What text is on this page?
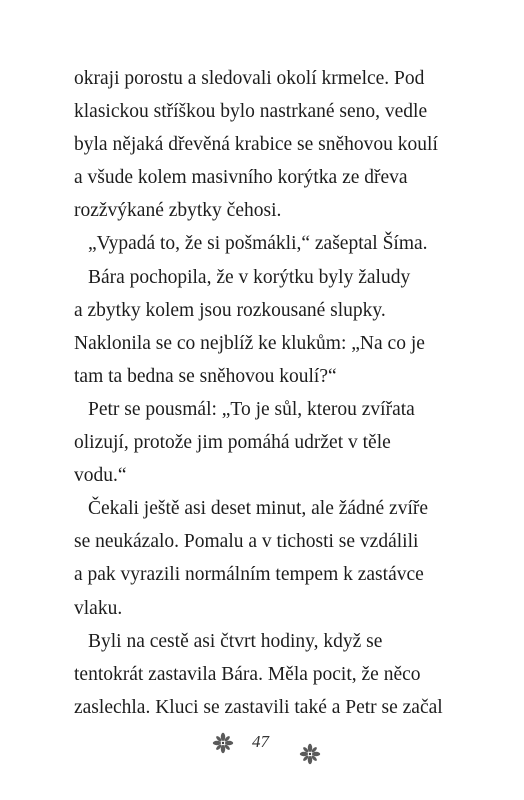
okraji porostu a sledovali okolí krmelce. Pod
klasickou stříškou bylo nastrkané seno, vedle
byla nějaká dřevěná krabice se sněhovou koulí
a všude kolem masivního korýtka ze dřeva
rozžvýkané zbytky čehosi.
„Vypadá to, že si pošmákli,“ zašeptal Šíma.
Bára pochopila, že v korýtku byly žaludy
a zbytky kolem jsou rozkousané slupky.
Naklonila se co nejblíž ke klukům: „Na co je
tam ta bedna se sněhovou koulí?“
Petr se pousmál: „To je sůl, kterou zvířata
olizují, protože jim pomáhá udržet v těle
vodu.“
Čekali ještě asi deset minut, ale žádné zvíře
se neukázalo. Pomalu a v tichosti se vzdálili
a pak vyrazili normálním tempem k zastávce
vlaku.
Byli na cestě asi čtvrt hodiny, když se
tentokrát zastavila Bára. Měla pocit, že něco
zaslechla. Kluci se zastavili také a Petr se začal
47
